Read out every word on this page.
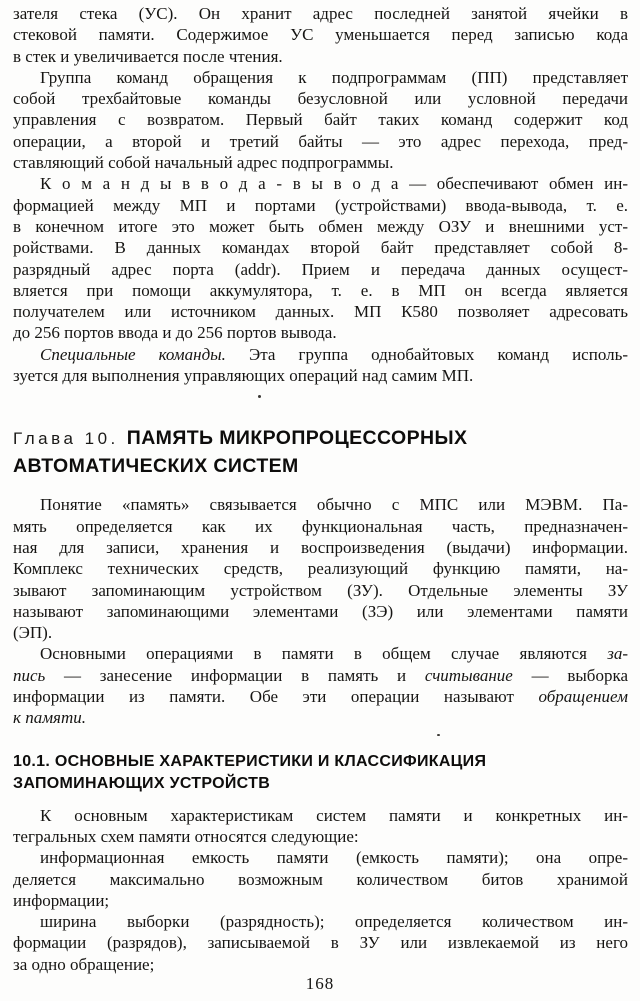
зателя стека (УС). Он хранит адрес последней занятой ячейки в
стековой памяти. Содержимое УС уменьшается перед записью кода
в стек и увеличивается после чтения.
Группа команд обращения к подпрограммам (ПП) представляет
собой трехбайтовые команды безусловной или условной передачи
управления с возвратом. Первый байт таких команд содержит код
операции, а второй и третий байты — это адрес перехода, пред-
ставляющий собой начальный адрес подпрограммы.
К о м а н д ы в в о д а - в ы в о д а — обеспечивают обмен ин-
формацией между МП и портами (устройствами) ввода-вывода, т. е.
в конечном итоге это может быть обмен между ОЗУ и внешними уст-
ройствами. В данных командах второй байт представляет собой 8-
разрядный адрес порта (addr). Прием и передача данных осущест-
вляется при помощи аккумулятора, т. е. в МП он всегда является
получателем или источником данных. МП К580 позволяет адресовать
до 256 портов ввода и до 256 портов вывода.
Специальные команды. Эта группа однобайтовых команд исполь-
зуется для выполнения управляющих операций над самим МП.
Глава 10. ПАМЯТЬ МИКРОПРОЦЕССОРНЫХ
АВТОМАТИЧЕСКИХ СИСТЕМ
Понятие «память» связывается обычно с МПС или МЭВМ. Па-
мять определяется как их функциональная часть, предназначен-
ная для записи, хранения и воспроизведения (выдачи) информации.
Комплекс технических средств, реализующий функцию памяти, на-
зывают запоминающим устройством (ЗУ). Отдельные элементы ЗУ
называют запоминающими элементами (ЗЭ) или элементами памяти
(ЭП).
Основными операциями в памяти в общем случае являются за-
пись — занесение информации в память и считывание — выборка
информации из памяти. Обе эти операции называют обращением
к памяти.
10.1. ОСНОВНЫЕ ХАРАКТЕРИСТИКИ И КЛАССИФИКАЦИЯ
ЗАПОМИНАЮЩИХ УСТРОЙСТВ
К основным характеристикам систем памяти и конкретных ин-
тегральных схем памяти относятся следующие:
информационная емкость памяти (емкость памяти); она опре-
деляется максимально возможным количеством битов хранимой
информации;
ширина выборки (разрядность); определяется количеством ин-
формации (разрядов), записываемой в ЗУ или извлекаемой из него
за одно обращение;
168
